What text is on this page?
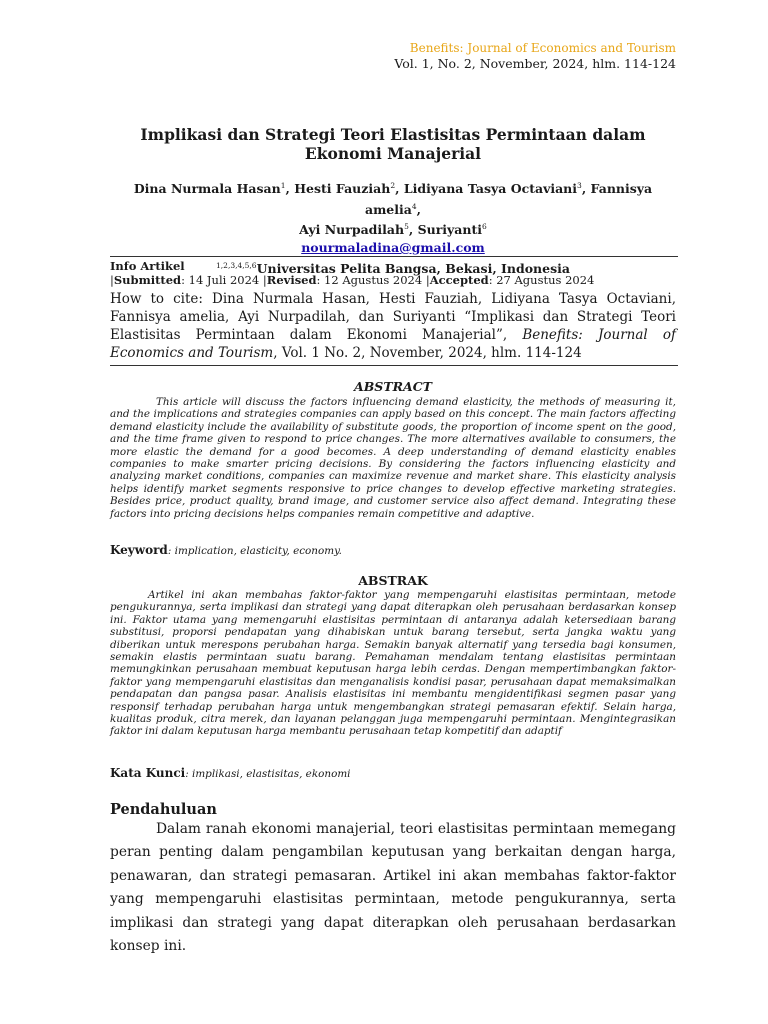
Benefits: Journal of Economics and Tourism
Vol. 1, No. 2, November, 2024, hlm. 114-124
Implikasi dan Strategi Teori Elastisitas Permintaan dalam Ekonomi Manajerial
Dina Nurmala Hasan$^1$, Hesti Fauziah$^2$, Lidiyana Tasya Octaviani$^3$, Fannisya amelia$^4$,
Ayi Nurpadilah$^5$, Suriyanti$^6$
nourmaladina@gmail.com
$^{1,2,3,4,5,6}$Universitas Pelita Bangsa, Bekasi, Indonesia
Info Artikel
|Submitted: 14 Juli 2024 |Revised: 12 Agustus 2024 |Accepted: 27 Agustus 2024
How to cite: Dina Nurmala Hasan, Hesti Fauziah, Lidiyana Tasya Octaviani, Fannisya amelia, Ayi Nurpadilah, dan Suriyanti “Implikasi dan Strategi Teori Elastisitas Permintaan dalam Ekonomi Manajerial”, Benefits: Journal of Economics and Tourism, Vol. 1 No. 2, November, 2024, hlm. 114-124
ABSTRACT
This article will discuss the factors influencing demand elasticity, the methods of measuring it, and the implications and strategies companies can apply based on this concept. The main factors affecting demand elasticity include the availability of substitute goods, the proportion of income spent on the good, and the time frame given to respond to price changes. The more alternatives available to consumers, the more elastic the demand for a good becomes. A deep understanding of demand elasticity enables companies to make smarter pricing decisions. By considering the factors influencing elasticity and analyzing market conditions, companies can maximize revenue and market share. This elasticity analysis helps identify market segments responsive to price changes to develop effective marketing strategies. Besides price, product quality, brand image, and customer service also affect demand. Integrating these factors into pricing decisions helps companies remain competitive and adaptive.
Keyword: implication, elasticity, economy.
ABSTRAK
Artikel ini akan membahas faktor-faktor yang mempengaruhi elastisitas permintaan, metode pengukurannya, serta implikasi dan strategi yang dapat diterapkan oleh perusahaan berdasarkan konsep ini. Faktor utama yang memengaruhi elastisitas permintaan di antaranya adalah ketersediaan barang substitusi, proporsi pendapatan yang dihabiskan untuk barang tersebut, serta jangka waktu yang diberikan untuk merespons perubahan harga. Semakin banyak alternatif yang tersedia bagi konsumen, semakin elastis permintaan suatu barang. Pemahaman mendalam tentang elastisitas permintaan memungkinkan perusahaan membuat keputusan harga lebih cerdas. Dengan mempertimbangkan faktor-faktor yang mempengaruhi elastisitas dan menganalisis kondisi pasar, perusahaan dapat memaksimalkan pendapatan dan pangsa pasar. Analisis elastisitas ini membantu mengidentifikasi segmen pasar yang responsif terhadap perubahan harga untuk mengembangkan strategi pemasaran efektif. Selain harga, kualitas produk, citra merek, dan layanan pelanggan juga mempengaruhi permintaan. Mengintegrasikan faktor ini dalam keputusan harga membantu perusahaan tetap kompetitif dan adaptif
Kata Kunci: implikasi, elastisitas, ekonomi
Pendahuluan
Dalam ranah ekonomi manajerial, teori elastisitas permintaan memegang peran penting dalam pengambilan keputusan yang berkaitan dengan harga, penawaran, dan strategi pemasaran. Artikel ini akan membahas faktor-faktor yang mempengaruhi elastisitas permintaan, metode pengukurannya, serta implikasi dan strategi yang dapat diterapkan oleh perusahaan berdasarkan konsep ini.
